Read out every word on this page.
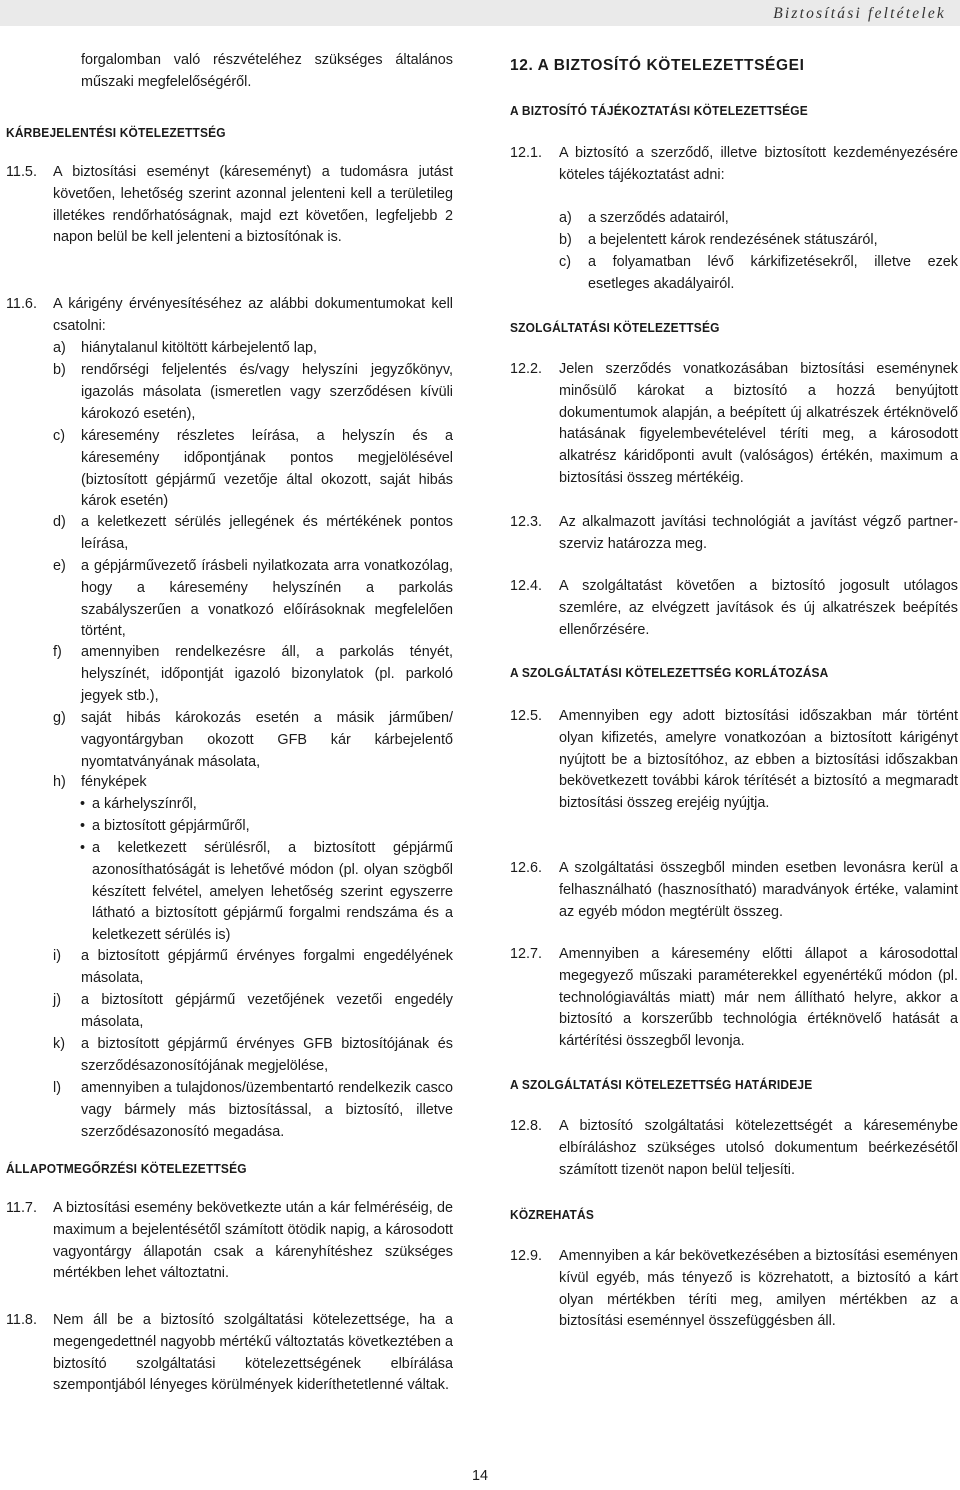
Biztosítási feltételek
forgalomban való részvételéhez szükséges általános műszaki megfelelőségéről.
KÁRBEJELENTÉSI KÖTELEZETTSÉG
11.5. A biztosítási eseményt (káreseményt) a tudomásra jutást követően, lehetőség szerint azonnal jelenteni kell a területileg illetékes rendőrhatóságnak, majd ezt követően, legfeljebb 2 napon belül be kell jelenteni a biztosítónak is.
11.6. A kárigény érvényesítéséhez az alábbi dokumentumokat kell csatolni:
a) hiánytalanul kitöltött kárbejelentő lap,
b) rendőrségi feljelentés és/vagy helyszíni jegyzőkönyv, igazolás másolata (ismeretlen vagy szerződésen kívüli károkozó esetén),
c) káresemény részletes leírása, a helyszín és a káresemény időpontjának pontos megjelölésével (biztosított gépjármű vezetője által okozott, saját hibás károk esetén)
d) a keletkezett sérülés jellegének és mértékének pontos leírása,
e) a gépjárművezető írásbeli nyilatkozata arra vonatkozólag, hogy a káresemény helyszínén a parkolás szabályszerűen a vonatkozó előírásoknak megfelelően történt,
f) amennyiben rendelkezésre áll, a parkolás tényét, helyszínét, időpontját igazoló bizonylatok (pl. parkoló jegyek stb.),
g) saját hibás károkozás esetén a másik járműben/ vagyontárgyban okozott GFB kár kárbejelentő nyomtatványának másolata,
h) fényképek
• a kárhelyszínről,
• a biztosított gépjárműről,
• a keletkezett sérülésről, a biztosított gépjármű azonosíthatóságát is lehetővé módon (pl. olyan szögből készített felvétel, amelyen lehetőség szerint egyszerre látható a biztosított gépjármű forgalmi rendszáma és a keletkezett sérülés is)
i) a biztosított gépjármű érvényes forgalmi engedélyének másolata,
j) a biztosított gépjármű vezetőjének vezetői engedély másolata,
k) a biztosított gépjármű érvényes GFB biztosítójának és szerződésazonosítójának megjelölése,
l) amennyiben a tulajdonos/üzembentartó rendelkezik casco vagy bármely más biztosítással, a biztosító, illetve szerződésazonosító megadása.
ÁLLAPOTMEGŐRZÉSI KÖTELEZETTSÉG
11.7. A biztosítási esemény bekövetkezte után a kár felméréséig, de maximum a bejelentésétől számított ötödik napig, a károsodott vagyontárgy állapotán csak a kárenyhítéshez szükséges mértékben lehet változtatni.
11.8. Nem áll be a biztosító szolgáltatási kötelezettsége, ha a megengedettnél nagyobb mértékű változtatás következtében a biztosító szolgáltatási kötelezettségének elbírálása szempontjából lényeges körülmények kideríthetetlenné váltak.
12. A BIZTOSÍTÓ KÖTELEZETTSÉGEI
A BIZTOSÍTÓ TÁJÉKOZTATÁSI KÖTELEZETTSÉGE
12.1. A biztosító a szerződő, illetve biztosított kezdeményezésére köteles tájékoztatást adni:
a) a szerződés adatairól,
b) a bejelentett károk rendezésének státuszáról,
c) a folyamatban lévő kárkifizetésekről, illetve ezek esetleges akadályairól.
SZOLGÁLTATÁSI KÖTELEZETTSÉG
12.2. Jelen szerződés vonatkozásában biztosítási eseménynek minősülő károkat a biztosító a hozzá benyújtott dokumentumok alapján, a beépített új alkatrészek értéknövelő hatásának figyelembevételével téríti meg, a károsodott alkatrész káridőponti avult (valóságos) értékén, maximum a biztosítási összeg mértékéig.
12.3. Az alkalmazott javítási technológiát a javítást végző partner-szerviz határozza meg.
12.4. A szolgáltatást követően a biztosító jogosult utólagos szemlére, az elvégzett javítások és új alkatrészek beépítés ellenőrzésére.
A SZOLGÁLTATÁSI KÖTELEZETTSÉG KORLÁTOZÁSA
12.5. Amennyiben egy adott biztosítási időszakban már történt olyan kifizetés, amelyre vonatkozóan a biztosított kárigényt nyújtott be a biztosítóhoz, az ebben a biztosítási időszakban bekövetkezett további károk térítését a biztosító a megmaradt biztosítási összeg erejéig nyújtja.
12.6. A szolgáltatási összegből minden esetben levonásra kerül a felhasználható (hasznosítható) maradványok értéke, valamint az egyéb módon megtérült összeg.
12.7. Amennyiben a káresemény előtti állapot a károsodottal megegyező műszaki paraméterekkel egyenértékű módon (pl. technológiaváltás miatt) már nem állítható helyre, akkor a biztosító a korszerűbb technológia értéknövelő hatását a kártérítési összegből levonja.
A SZOLGÁLTATÁSI KÖTELEZETTSÉG HATÁRIDEJE
12.8. A biztosító szolgáltatási kötelezettségét a káreseménybe elbíráláshoz szükséges utolsó dokumentum beérkezésétől számított tizenöt napon belül teljesíti.
KÖZREHATÁS
12.9. Amennyiben a kár bekövetkezésében a biztosítási eseményen kívül egyéb, más tényező is közrehatott, a biztosító a kárt olyan mértékben téríti meg, amilyen mértékben az a biztosítási eseménnyel összefüggésben áll.
14
